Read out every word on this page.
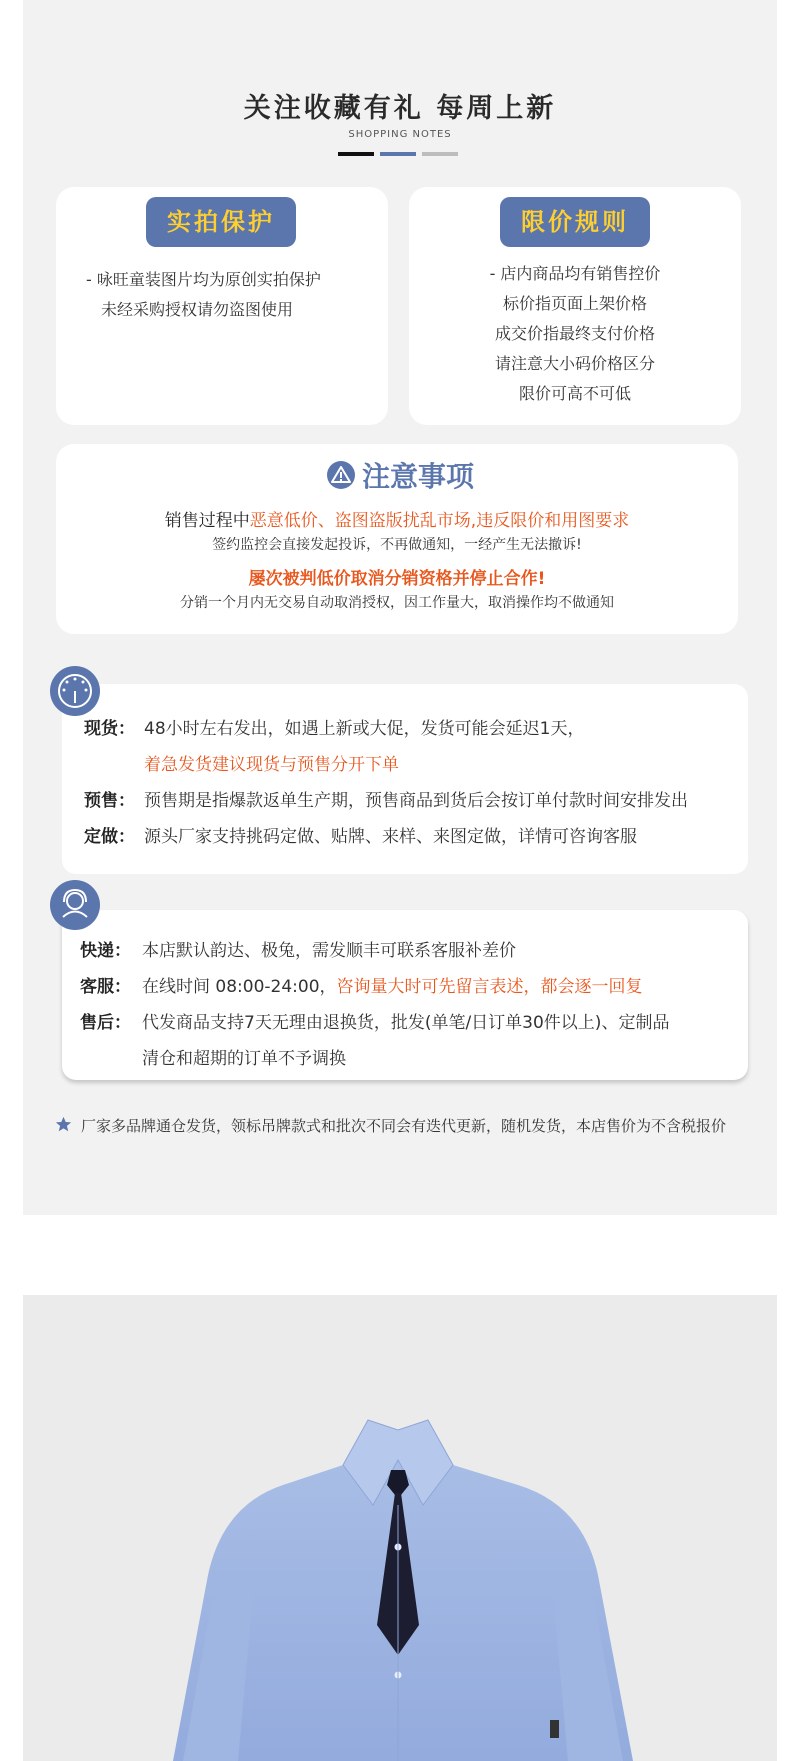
关注收藏有礼 每周上新
SHOPPING NOTES
实拍保护
- 咏旺童装图片均为原创实拍保护
未经采购授权请勿盗图使用
限价规则
- 店内商品均有销售控价
标价指页面上架价格
成交价指最终支付价格
请注意大小码价格区分
限价可高不可低
注意事项
销售过程中恶意低价、盗图盗版扰乱市场,违反限价和用图要求
签约监控会直接发起投诉，不再做通知，一经产生无法撤诉!
屡次被判低价取消分销资格并停止合作!
分销一个月内无交易自动取消授权，因工作量大，取消操作均不做通知
现货： 48小时左右发出，如遇上新或大促，发货可能会延迟1天，
着急发货建议现货与预售分开下单
预售： 预售期是指爆款返单生产期，预售商品到货后会按订单付款时间安排发出
定做： 源头厂家支持挑码定做、贴牌、来样、来图定做，详情可咨询客服
快递： 本店默认韵达、极兔，需发顺丰可联系客服补差价
客服： 在线时间 08:00-24:00，咨询量大时可先留言表述，都会逐一回复
售后： 代发商品支持7天无理由退换货，批发(单笔/日订单30件以上)、定制品
清仓和超期的订单不予调换
厂家多品牌通仓发货，领标吊牌款式和批次不同会有迭代更新，随机发货，本店售价为不含税报价
